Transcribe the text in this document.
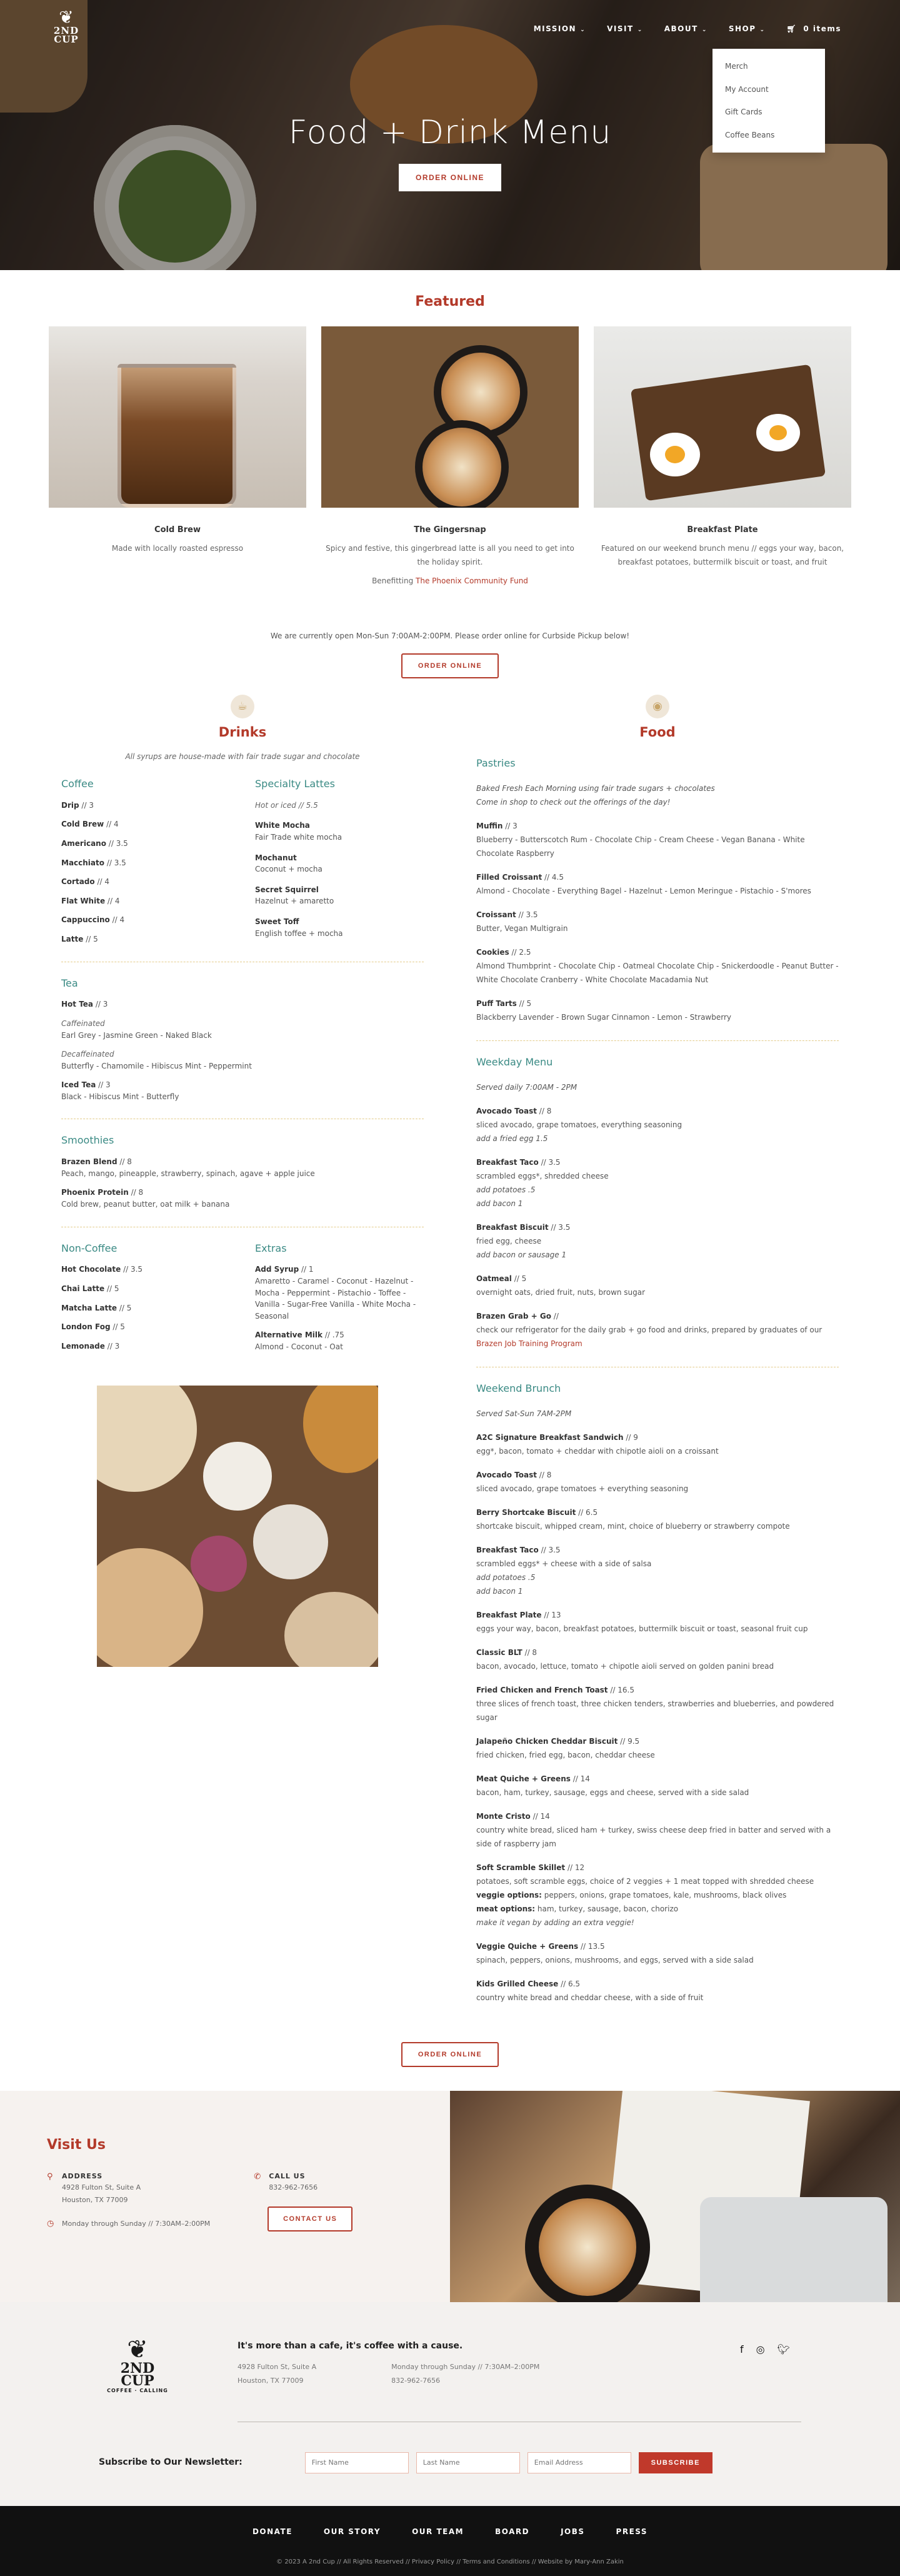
❦
2ND
CUP
MISSION ⌄	VISIT ⌄	ABOUT ⌄	SHOP ⌄	🛒︎ 0 items
Merch
My Account
Gift Cards
Coffee Beans
Food + Drink Menu
ORDER ONLINE
Featured
Cold Brew

Made with locally roasted espresso

The Gingersnap

Spicy and festive, this gingerbread latte is all you need to get into the holiday spirit.

Benefitting The Phoenix Community Fund

Breakfast Plate

Featured on our weekend brunch menu // eggs your way, bacon, breakfast potatoes, buttermilk biscuit or toast, and fruit

We are currently open Mon-Sun 7:00AM-2:00PM. Please order online for Curbside Pickup below!

ORDER ONLINE
☕
Drinks

All syrups are house-made with fair trade sugar and chocolate

Coffee
Drip // 3
Cold Brew // 4
Americano // 3.5
Macchiato // 3.5
Cortado // 4
Flat White // 4
Cappuccino // 4
Latte // 5
Specialty Lattes
Hot or iced // 5.5
White Mocha
Fair Trade white mocha
Mochanut
Coconut + mocha
Secret Squirrel
Hazelnut + amaretto
Sweet Toff
English toffee + mocha
Tea
Hot Tea // 3
Caffeinated
Earl Grey - Jasmine Green - Naked Black
Decaffeinated
Butterfly - Chamomile - Hibiscus Mint - Peppermint
Iced Tea // 3
Black - Hibiscus Mint - Butterfly
Smoothies
Brazen Blend // 8
Peach, mango, pineapple, strawberry, spinach, agave + apple juice
Phoenix Protein // 8
Cold brew, peanut butter, oat milk + banana
Non-Coffee
Hot Chocolate // 3.5
Chai Latte // 5
Matcha Latte // 5
London Fog // 5
Lemonade // 3
Extras
Add Syrup // 1
Amaretto - Caramel - Coconut - Hazelnut - Mocha - Peppermint - Pistachio - Toffee - Vanilla - Sugar-Free Vanilla - White Mocha - Seasonal
Alternative Milk // .75
Almond - Coconut - Oat
◉
Food
Pastries
Baked Fresh Each Morning using fair trade sugars + chocolates
Come in shop to check out the offerings of the day!
Muffin // 3
Blueberry - Butterscotch Rum - Chocolate Chip - Cream Cheese - Vegan Banana - White Chocolate Raspberry
Filled Croissant // 4.5
Almond - Chocolate - Everything Bagel - Hazelnut - Lemon Meringue - Pistachio - S'mores
Croissant // 3.5
Butter, Vegan Multigrain
Cookies // 2.5
Almond Thumbprint - Chocolate Chip - Oatmeal Chocolate Chip - Snickerdoodle - Peanut Butter - White Chocolate Cranberry - White Chocolate Macadamia Nut
Puff Tarts // 5
Blackberry Lavender - Brown Sugar Cinnamon - Lemon - Strawberry
Weekday Menu
Served daily 7:00AM - 2PM
Avocado Toast // 8
sliced avocado, grape tomatoes, everything seasoning
add a fried egg 1.5
Breakfast Taco // 3.5
scrambled eggs*, shredded cheese
add potatoes .5
add bacon 1
Breakfast Biscuit // 3.5
fried egg, cheese
add bacon or sausage 1
Oatmeal // 5
overnight oats, dried fruit, nuts, brown sugar
Brazen Grab + Go //
check our refrigerator for the daily grab + go food and drinks, prepared by graduates of our
Brazen Job Training Program
Weekend Brunch
Served Sat-Sun 7AM-2PM
A2C Signature Breakfast Sandwich // 9
egg*, bacon, tomato + cheddar with chipotle aioli on a croissant
Avocado Toast // 8
sliced avocado, grape tomatoes + everything seasoning
Berry Shortcake Biscuit // 6.5
shortcake biscuit, whipped cream, mint, choice of blueberry or strawberry compote
Breakfast Taco // 3.5
scrambled eggs* + cheese with a side of salsa
add potatoes .5
add bacon 1
Breakfast Plate // 13
eggs your way, bacon, breakfast potatoes, buttermilk biscuit or toast, seasonal fruit cup
Classic BLT // 8
bacon, avocado, lettuce, tomato + chipotle aioli served on golden panini bread
Fried Chicken and French Toast // 16.5
three slices of french toast, three chicken tenders, strawberries and blueberries, and powdered sugar
Jalapeño Chicken Cheddar Biscuit // 9.5
fried chicken, fried egg, bacon, cheddar cheese
Meat Quiche + Greens // 14
bacon, ham, turkey, sausage, eggs and cheese, served with a side salad
Monte Cristo // 14
country white bread, sliced ham + turkey, swiss cheese deep fried in batter and served with a side of raspberry jam
Soft Scramble Skillet // 12
potatoes, soft scramble eggs, choice of 2 veggies + 1 meat topped with shredded cheese
veggie options: peppers, onions, grape tomatoes, kale, mushrooms, black olives
meat options: ham, turkey, sausage, bacon, chorizo
make it vegan by adding an extra veggie!
Veggie Quiche + Greens // 13.5
spinach, peppers, onions, mushrooms, and eggs, served with a side salad
Kids Grilled Cheese // 6.5
country white bread and cheddar cheese, with a side of fruit
ORDER ONLINE
Visit Us
⚲ ADDRESS

4928 Fulton St, Suite A

Houston, TX 77009

◷ Monday through Sunday // 7:30AM–2:00PM

✆ CALL US

832-962-7656

CONTACT US
❦
2ND
CUP
COFFEE · CALLING
It's more than a cafe, it's coffee with a cause.

4928 Fulton St, Suite A

Houston, TX 77009

Monday through Sunday // 7:30AM–2:00PM

832-962-7656

f ◎ 🐦︎
Subscribe to Our Newsletter:
First Name
Last Name
Email Address	SUBSCRIBE
DONATE	OUR STORY	OUR TEAM	BOARD	JOBS	PRESS

© 2023 A 2nd Cup // All Rights Reserved // Privacy Policy // Terms and Conditions // Website by Mary-Ann Zakin
